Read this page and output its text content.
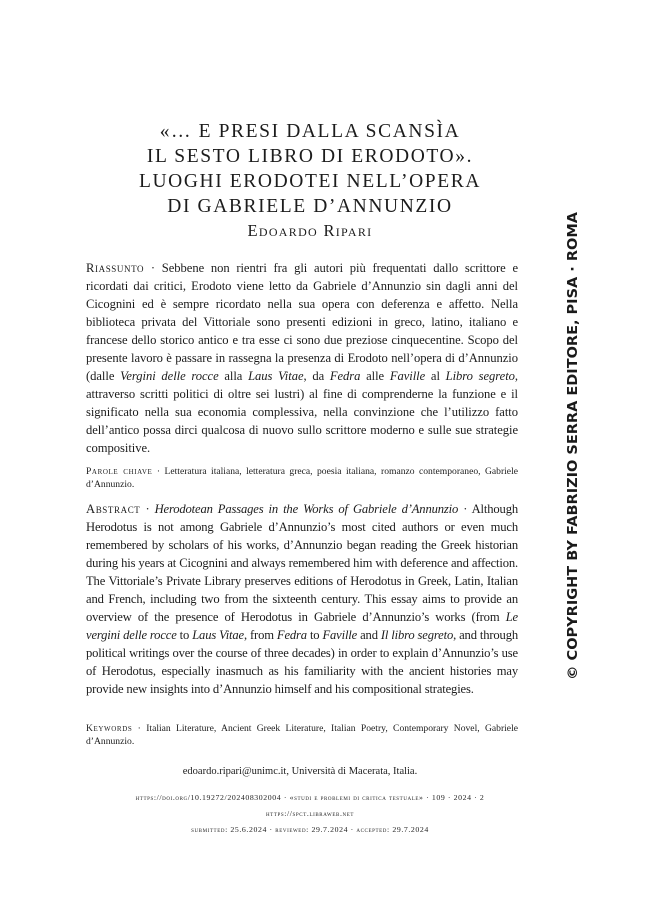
«… E PRESI DALLA SCANSÌA
IL SESTO LIBRO DI ERODOTO».
LUOGHI ERODOTEI NELL’OPERA
DI GABRIELE D’ANNUNZIO
Edoardo Ripari
Riassunto · Sebbene non rientri fra gli autori più frequentati dallo scrittore e ricordati dai critici, Erodoto viene letto da Gabriele d’Annunzio sin dagli anni del Cicognini ed è sempre ricordato nella sua opera con deferenza e affetto. Nella biblioteca privata del Vittoriale sono presenti edizioni in greco, latino, italiano e francese dello storico antico e tra esse ci sono due preziose cinquecentine. Scopo del presente lavoro è passare in rassegna la presenza di Erodoto nell’opera di d’Annunzio (dalle Vergini delle rocce alla Laus Vitae, da Fedra alle Faville al Libro segreto, attraverso scritti politici di oltre sei lustri) al fine di comprenderne la funzione e il significato nella sua economia complessiva, nella convinzione che l’utilizzo fatto dell’antico possa dirci qualcosa di nuovo sullo scrittore moderno e sulle sue strategie compositive.
Parole chiave · Letteratura italiana, letteratura greca, poesia italiana, romanzo contemporaneo, Gabriele d’Annunzio.
Abstract · Herodotean Passages in the Works of Gabriele d’Annunzio · Although Herodotus is not among Gabriele d’Annunzio’s most cited authors or even much remembered by scholars of his works, d’Annunzio began reading the Greek historian during his years at Cicognini and always remembered him with deference and affection. The Vittoriale’s Private Library preserves editions of Herodotus in Greek, Latin, Italian and French, including two from the sixteenth century. This essay aims to provide an overview of the presence of Herodotus in Gabriele d’Annunzio’s works (from Le vergini delle rocce to Laus Vitae, from Fedra to Faville and Il libro segreto, and through political writings over the course of three decades) in order to explain d’Annunzio’s use of Herodotus, especially inasmuch as his familiarity with the ancient histories may provide new insights into d’Annunzio himself and his compositional strategies.
Keywords · Italian Literature, Ancient Greek Literature, Italian Poetry, Contemporary Novel, Gabriele d’Annunzio.
edoardo.ripari@unimc.it, Università di Macerata, Italia.
https://doi.org/10.19272/202408302004 · «studi e problemi di critica testuale» · 109 · 2024 · 2
https://spct.libraweb.net
submitted: 25.6.2024 · reviewed: 29.7.2024 · accepted: 29.7.2024
© COPYRIGHT BY FABRIZIO SERRA EDITORE, PISA · ROMA
